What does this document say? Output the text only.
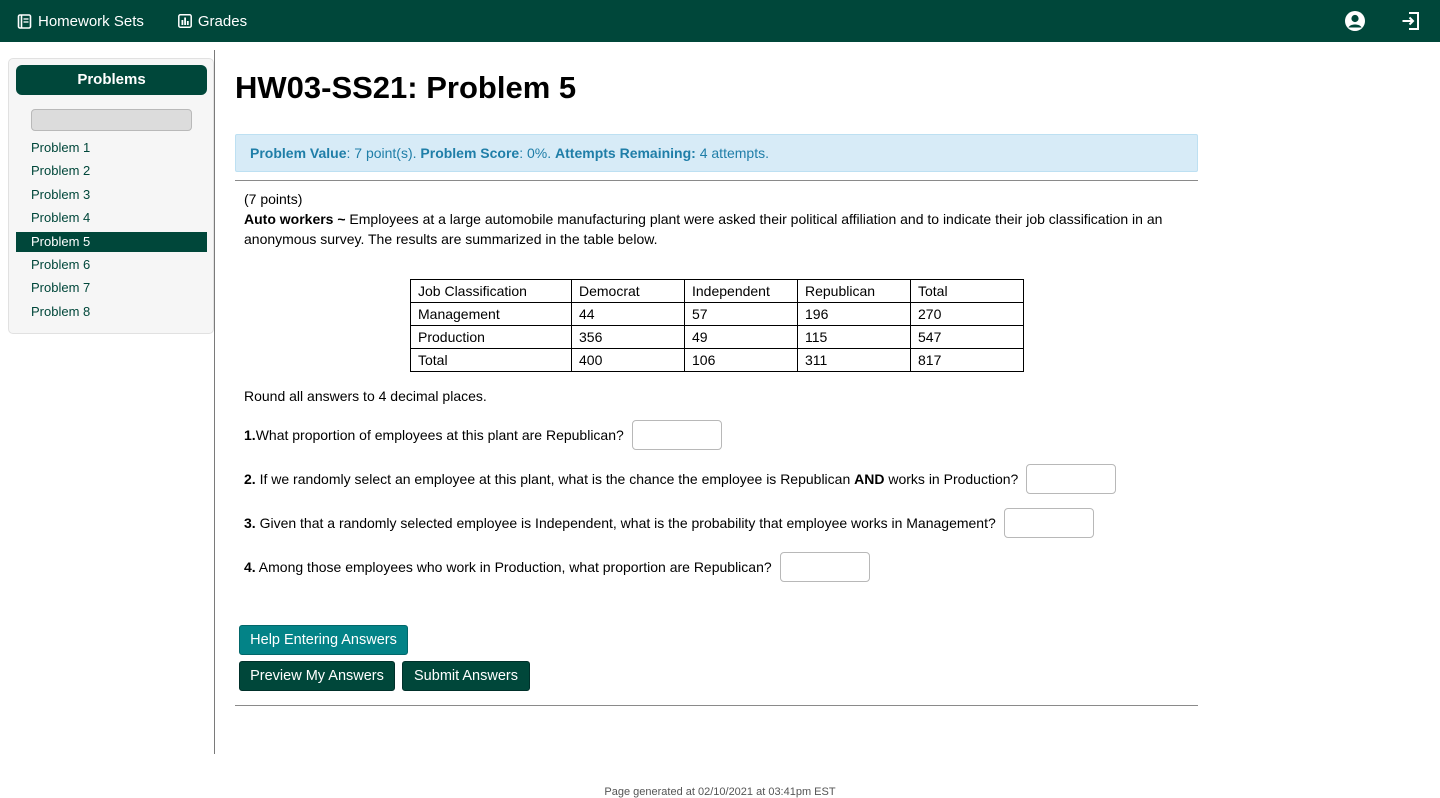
Homework Sets	Grades
Problems
Problem 1
Problem 2
Problem 3
Problem 4
Problem 5
Problem 6
Problem 7
Problem 8
HW03-SS21: Problem 5
Problem Value: 7 point(s). Problem Score: 0%. Attempts Remaining: 4 attempts.

(7 points)

Auto workers ~ Employees at a large automobile manufacturing plant were asked their political affiliation and to indicate their job classification in an anonymous survey. The results are summarized in the table below.

Job Classification	Democrat	Independent	Republican	Total
Management	44	57	196	270
Production	356	49	115	547
Total	400	106	311	817
Round all answers to 4 decimal places.
1. What proportion of employees at this plant are Republican?
2. If we randomly select an employee at this plant, what is the chance the employee is Republican AND works in Production?
3. Given that a randomly selected employee is Independent, what is the probability that employee works in Management?
4. Among those employees who work in Production, what proportion are Republican?
Help Entering Answers
Preview My Answers	Submit Answers
Page generated at 02/10/2021 at 03:41pm EST
